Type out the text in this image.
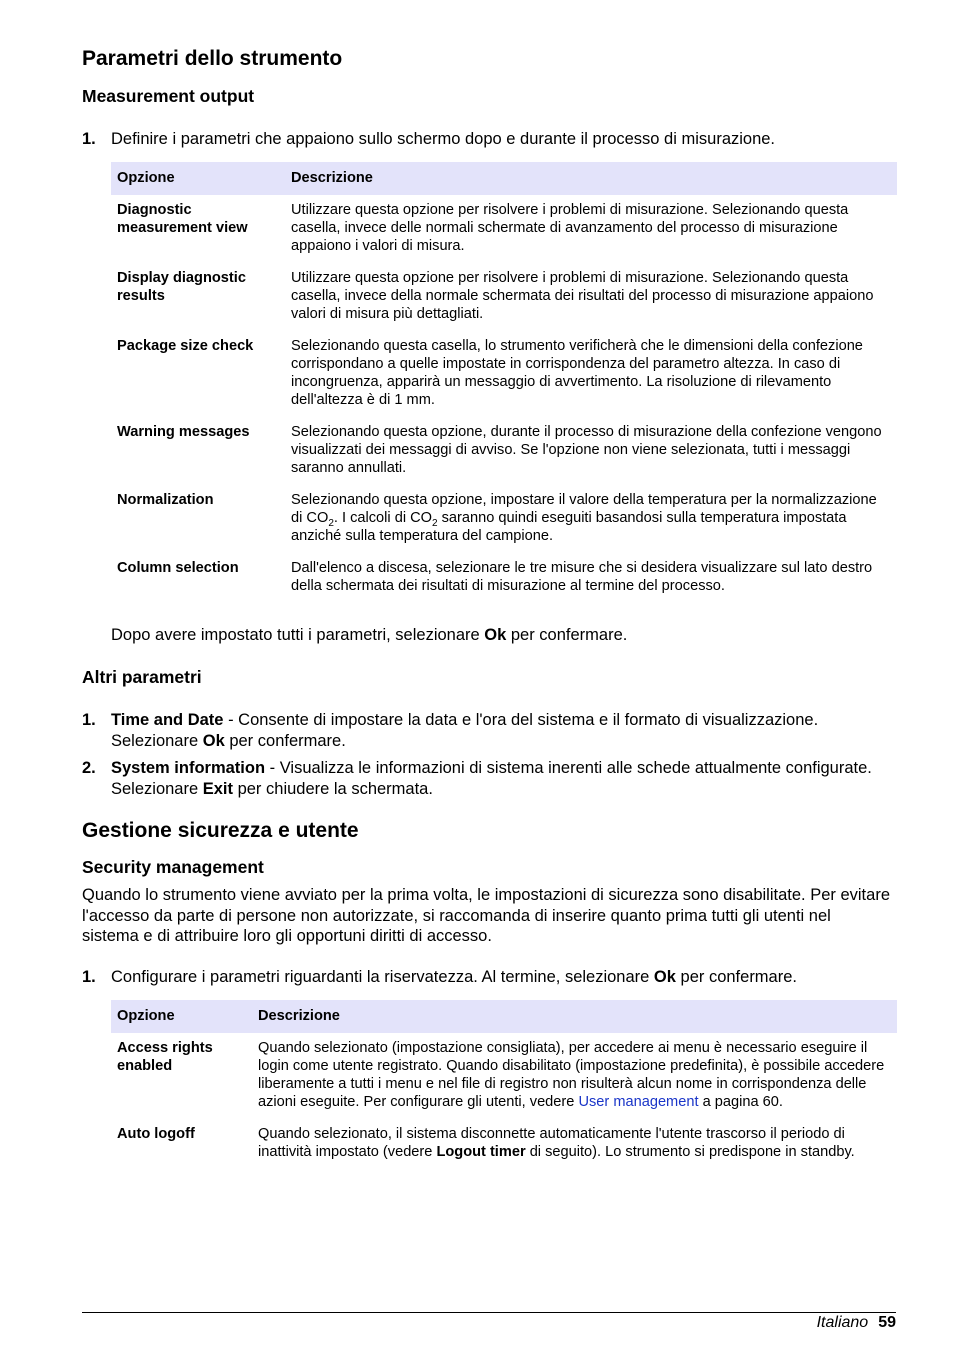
Parametri dello strumento
Measurement output
1. Definire i parametri che appaiono sullo schermo dopo e durante il processo di misurazione.
Opzione	Descrizione
Diagnostic measurement view	Utilizzare questa opzione per risolvere i problemi di misurazione. Selezionando questa casella, invece delle normali schermate di avanzamento del processo di misurazione appaiono i valori di misura.
Display diagnostic results	Utilizzare questa opzione per risolvere i problemi di misurazione. Selezionando questa casella, invece della normale schermata dei risultati del processo di misurazione appaiono valori di misura più dettagliati.
Package size check	Selezionando questa casella, lo strumento verificherà che le dimensioni della confezione corrispondano a quelle impostate in corrispondenza del parametro altezza. In caso di incongruenza, apparirà un messaggio di avvertimento. La risoluzione di rilevamento dell'altezza è di 1 mm.
Warning messages	Selezionando questa opzione, durante il processo di misurazione della confezione vengono visualizzati dei messaggi di avviso. Se l'opzione non viene selezionata, tutti i messaggi saranno annullati.
Normalization	Selezionando questa opzione, impostare il valore della temperatura per la normalizzazione di $CO_2$. I calcoli di $CO_2$ saranno quindi eseguiti basandosi sulla temperatura impostata anziché sulla temperatura del campione.
Column selection	Dall'elenco a discesa, selezionare le tre misure che si desidera visualizzare sul lato destro della schermata dei risultati di misurazione al termine del processo.
Dopo avere impostato tutti i parametri, selezionare Ok per confermare.
Altri parametri
1. Time and Date - Consente di impostare la data e l'ora del sistema e il formato di visualizzazione. Selezionare Ok per confermare.
2. System information - Visualizza le informazioni di sistema inerenti alle schede attualmente configurate. Selezionare Exit per chiudere la schermata.
Gestione sicurezza e utente
Security management

Quando lo strumento viene avviato per la prima volta, le impostazioni di sicurezza sono disabilitate. Per evitare l'accesso da parte di persone non autorizzate, si raccomanda di inserire quanto prima tutti gli utenti nel sistema e di attribuire loro gli opportuni diritti di accesso.

1. Configurare i parametri riguardanti la riservatezza. Al termine, selezionare Ok per confermare.
Opzione	Descrizione
Access rights enabled	Quando selezionato (impostazione consigliata), per accedere ai menu è necessario eseguire il login come utente registrato. Quando disabilitato (impostazione predefinita), è possibile accedere liberamente a tutti i menu e nel file di registro non risulterà alcun nome in corrispondenza delle azioni eseguite. Per configurare gli utenti, vedere User management a pagina 60.
Auto logoff	Quando selezionato, il sistema disconnette automaticamente l'utente trascorso il periodo di inattività impostato (vedere Logout timer di seguito). Lo strumento si predispone in standby.
Italiano 59
